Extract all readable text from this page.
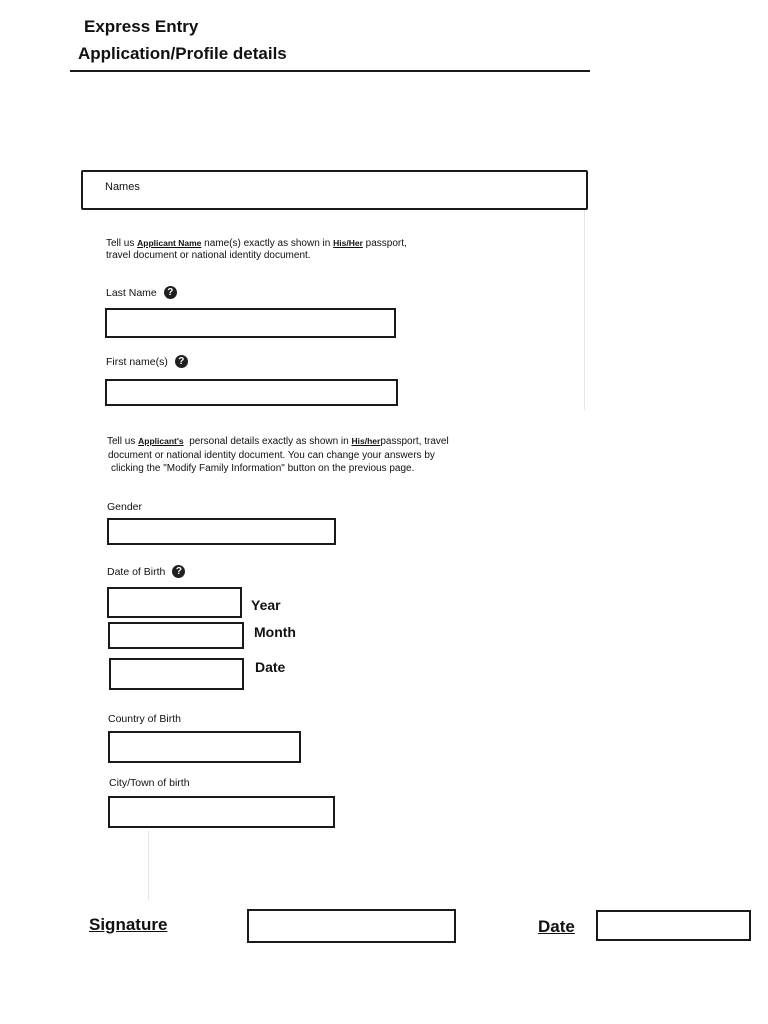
Express Entry
Application/Profile details
Names
Tell us Applicant Name name(s) exactly as shown in His/Her passport,
travel document or national identity document.
Last Name	?
First name(s)	?
Tell us Applicant's personal details exactly as shown in His/herpassport, travel
document or national identity document. You can change your answers by
clicking the "Modify Family Information" button on the previous page.
Gender
Date of Birth	?
Year
Month
Date
Country of Birth
City/Town of birth
Signature	Date
